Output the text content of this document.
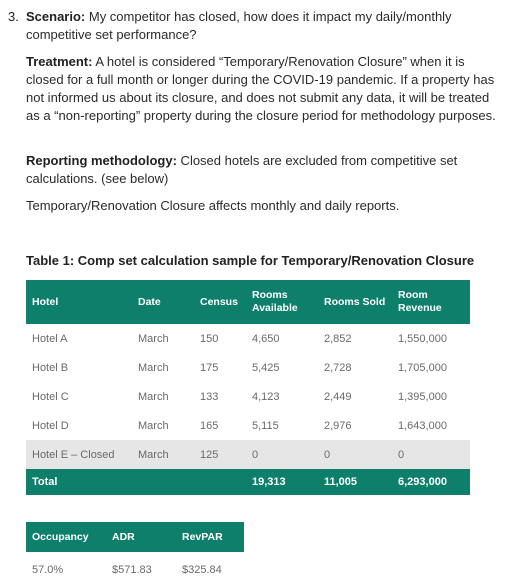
3. Scenario: My competitor has closed, how does it impact my daily/monthly competitive set performance?
Treatment: A hotel is considered “Temporary/Renovation Closure” when it is closed for a full month or longer during the COVID-19 pandemic. If a property has not informed us about its closure, and does not submit any data, it will be treated as a “non-reporting” property during the closure period for methodology purposes.
Reporting methodology: Closed hotels are excluded from competitive set calculations. (see below)
Temporary/Renovation Closure affects monthly and daily reports.
Table 1: Comp set calculation sample for Temporary/Renovation Closure
Hotel	Date	Census	Rooms Available	Rooms Sold	Room Revenue
Hotel A	March	150	4,650	2,852	1,550,000
Hotel B	March	175	5,425	2,728	1,705,000
Hotel C	March	133	4,123	2,449	1,395,000
Hotel D	March	165	5,115	2,976	1,643,000
Hotel E – Closed	March	125	0	0	0
Total			19,313	11,005	6,293,000
Occupancy	ADR	RevPAR
57.0%	$571.83	$325.84
